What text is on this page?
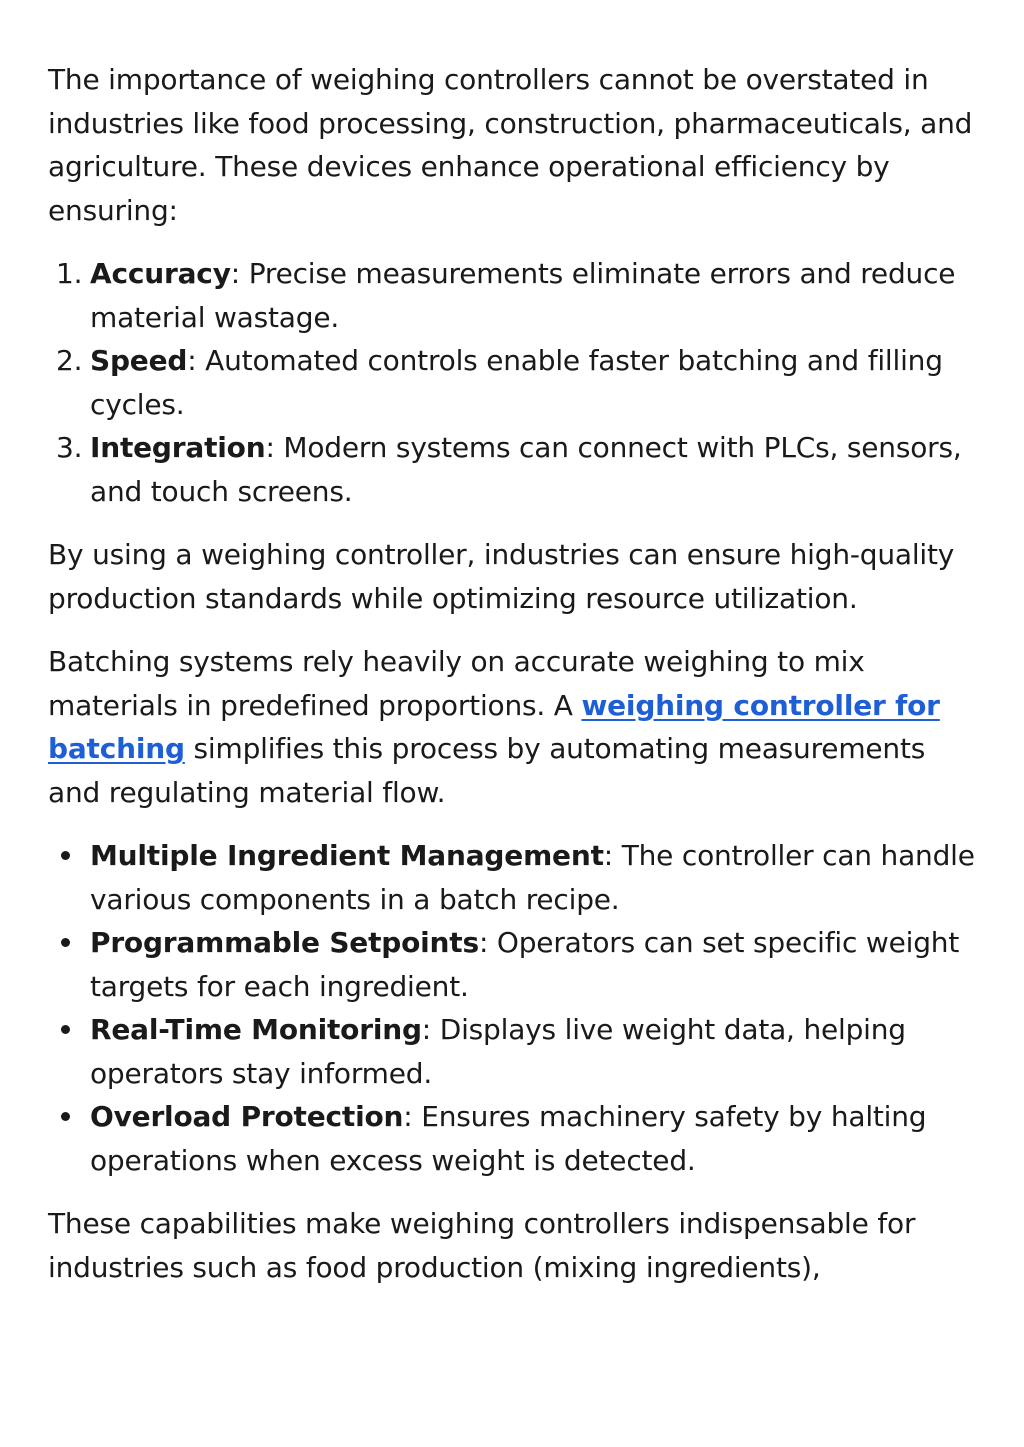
The importance of weighing controllers cannot be overstated in industries like food processing, construction, pharmaceuticals, and agriculture. These devices enhance operational efficiency by ensuring:

1. Accuracy: Precise measurements eliminate errors and reduce material wastage.
2. Speed: Automated controls enable faster batching and filling cycles.
3. Integration: Modern systems can connect with PLCs, sensors, and touch screens.

By using a weighing controller, industries can ensure high-quality production standards while optimizing resource utilization.

Batching systems rely heavily on accurate weighing to mix materials in predefined proportions. A weighing controller for batching simplifies this process by automating measurements and regulating material flow.

Multiple Ingredient Management: The controller can handle various components in a batch recipe.
Programmable Setpoints: Operators can set specific weight targets for each ingredient.
Real-Time Monitoring: Displays live weight data, helping operators stay informed.
Overload Protection: Ensures machinery safety by halting operations when excess weight is detected.

These capabilities make weighing controllers indispensable for industries such as food production (mixing ingredients),
